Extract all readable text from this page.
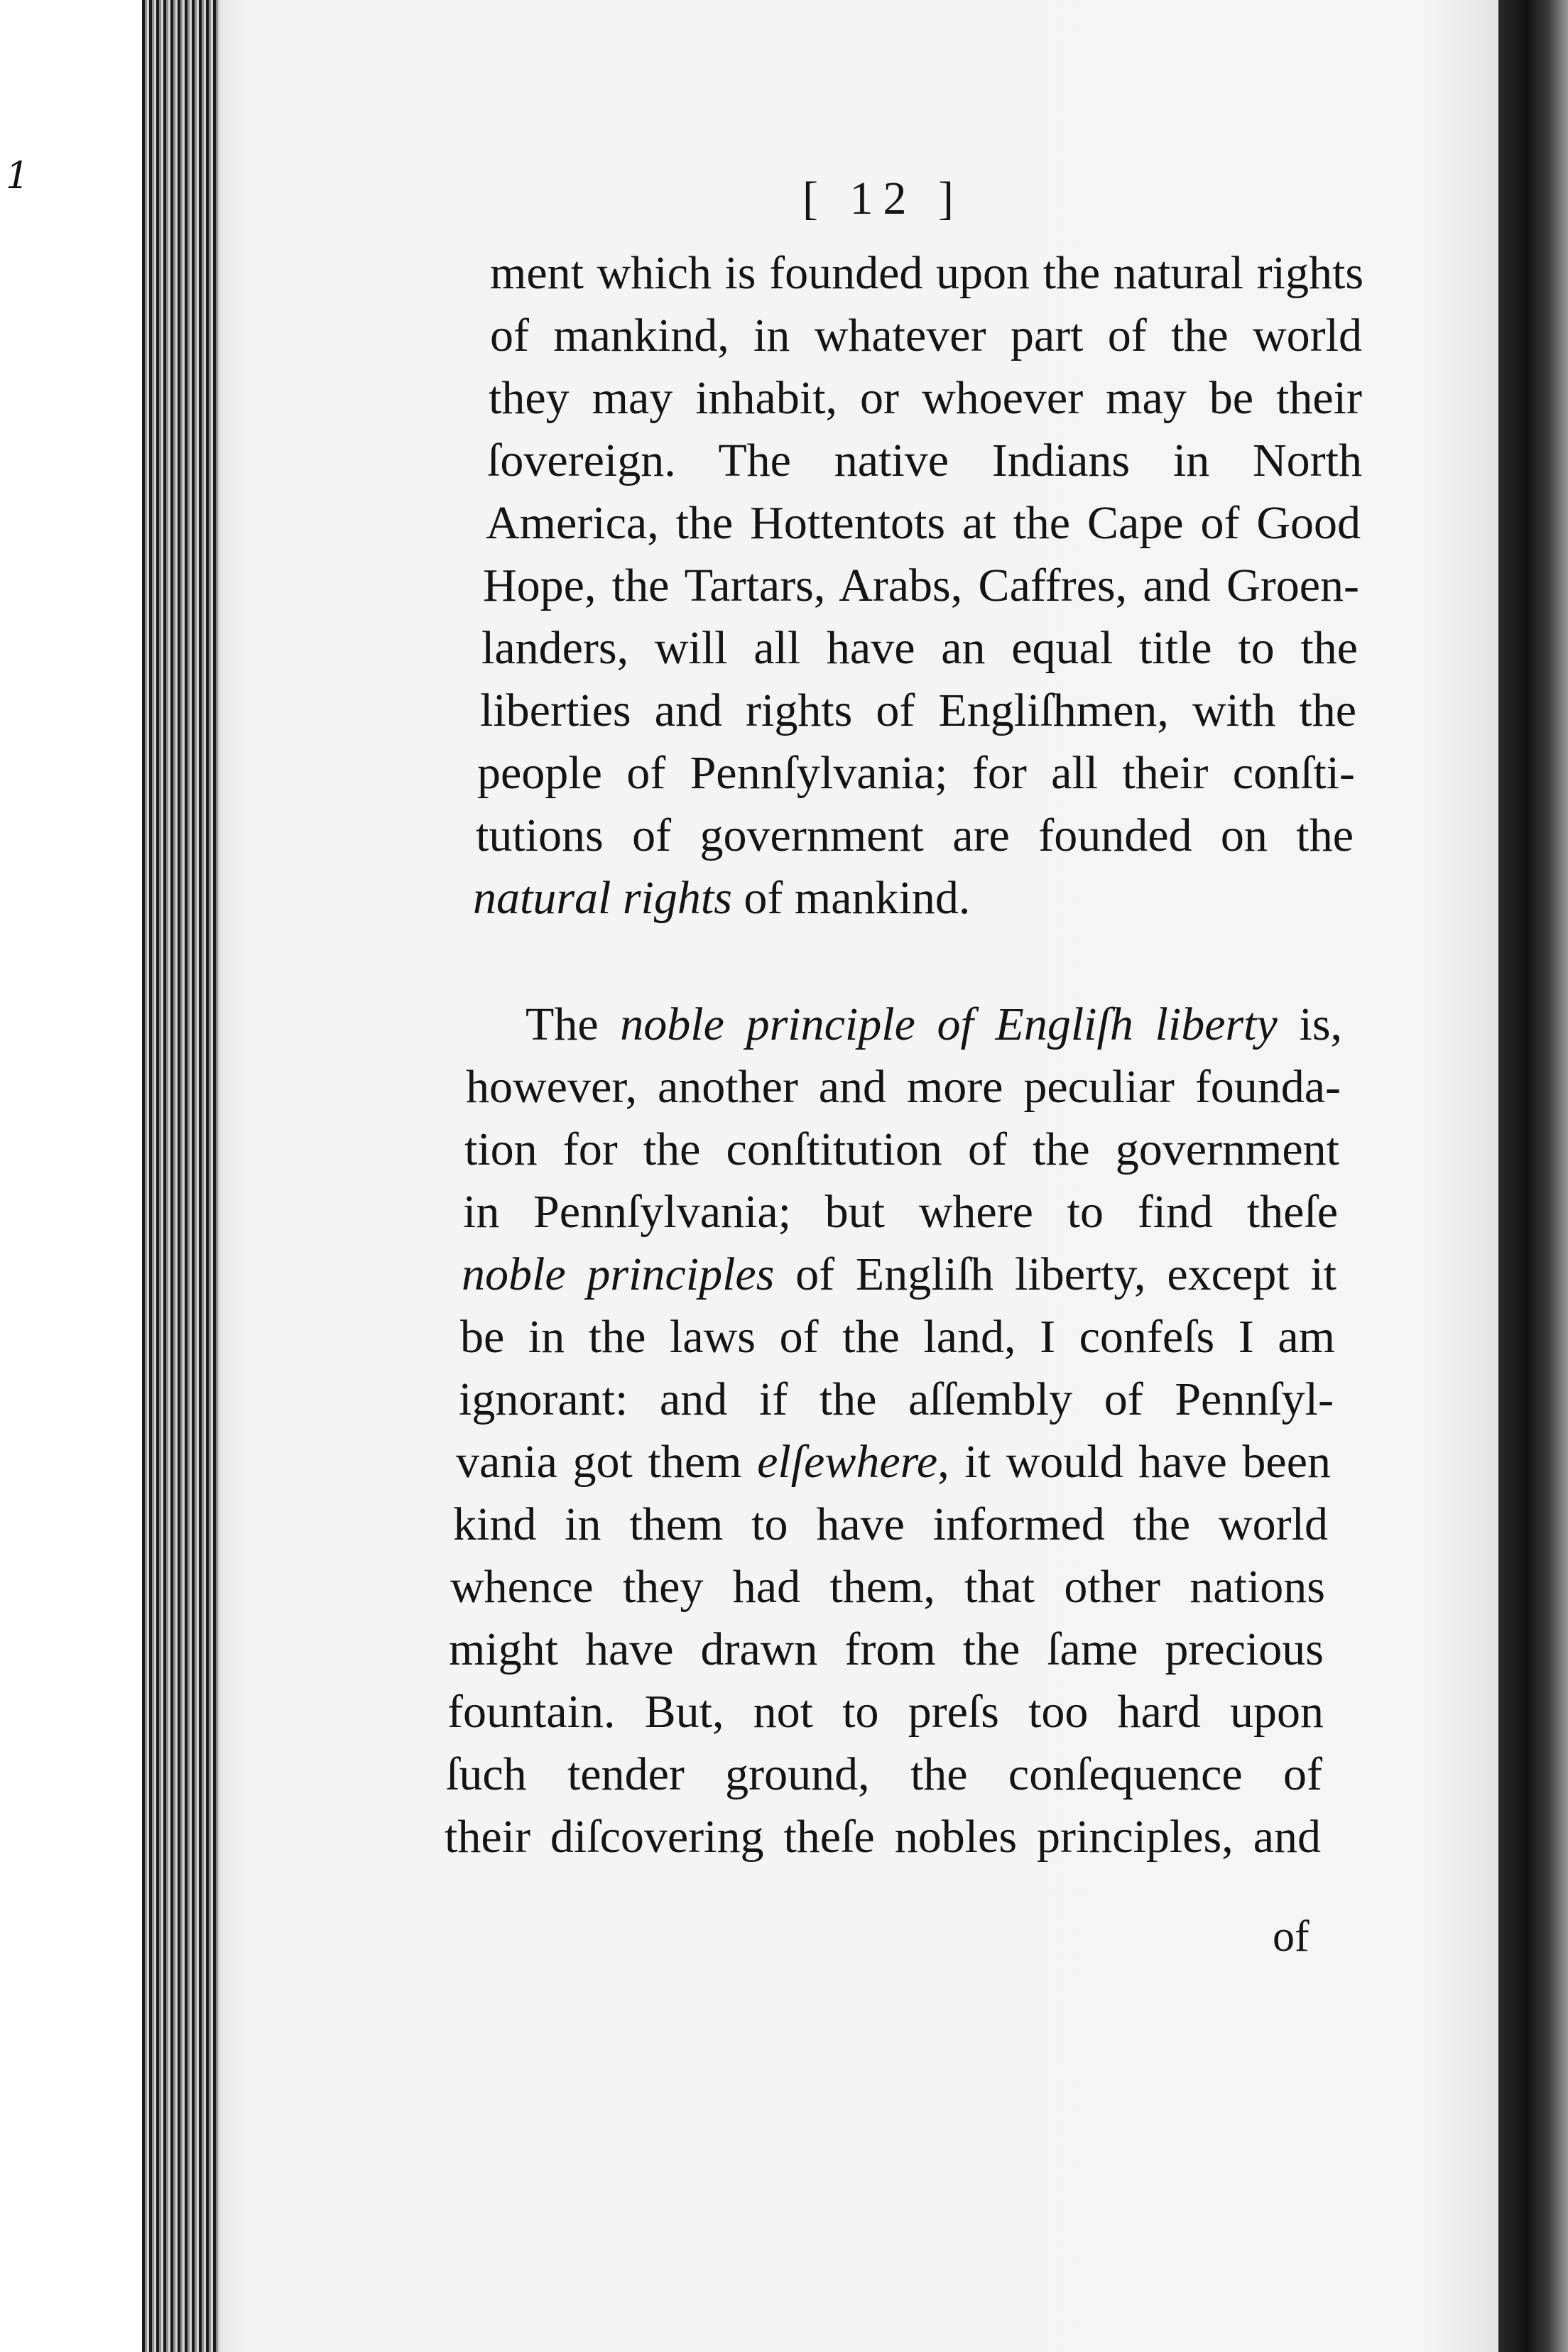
1	[ 12 ]
ment which is founded upon the natural rights
of mankind, in whatever part of the world
they may inhabit, or whoever may be their
ſovereign. The native Indians in North
America, the Hottentots at the Cape of Good
Hope, the Tartars, Arabs, Caffres, and Groen-
landers, will all have an equal title to the
liberties and rights of Engliſhmen, with the
people of Pennſylvania; for all their conſti-
tutions of government are founded on the
natural rights of mankind.
The noble principle of Engliſh liberty is,
however, another and more peculiar founda-
tion for the conſtitution of the government
in Pennſylvania; but where to find theſe
noble principles of Engliſh liberty, except it
be in the laws of the land, I confeſs I am
ignorant: and if the aſſembly of Pennſyl-
vania got them elſewhere, it would have been
kind in them to have informed the world
whence they had them, that other nations
might have drawn from the ſame precious
fountain. But, not to preſs too hard upon
ſuch tender ground, the conſequence of
their diſcovering theſe nobles principles, and
of
